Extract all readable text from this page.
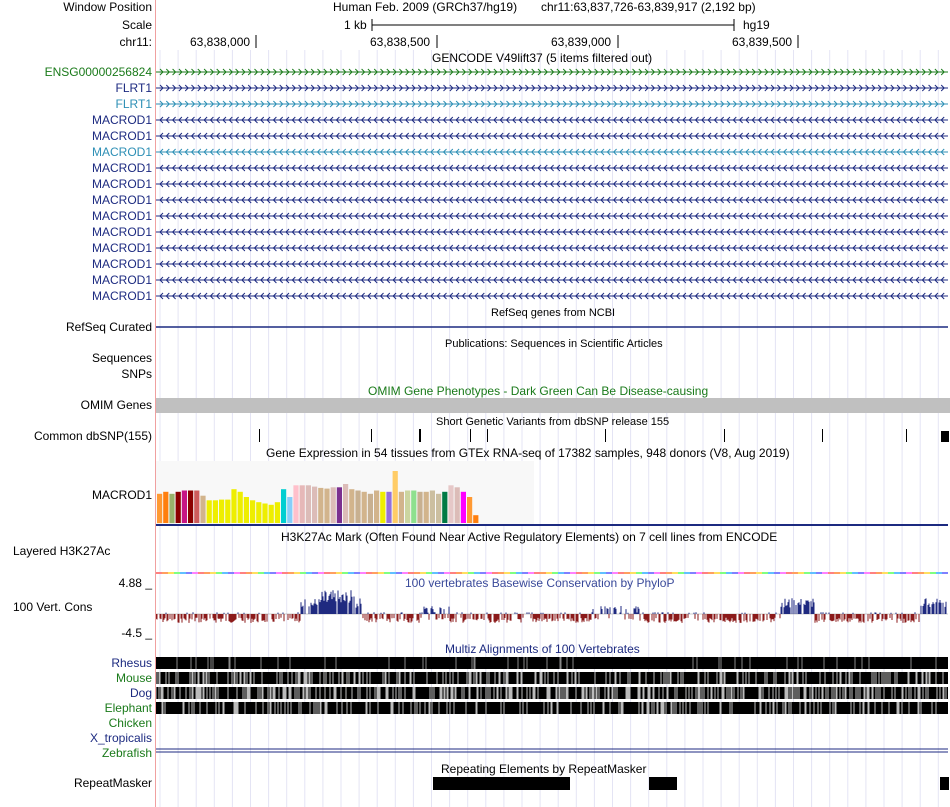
Window Position
Scale
chr11:
ENSG00000256824
FLRT1
FLRT1
MACROD1
MACROD1
MACROD1
MACROD1
MACROD1
MACROD1
MACROD1
MACROD1
MACROD1
MACROD1
MACROD1
MACROD1
RefSeq Curated
Sequences
SNPs
OMIM Genes
Common dbSNP(155)
MACROD1
Layered H3K27Ac
100 Vert. Cons
4.88 _
-4.5 _
Rhesus
Mouse
Dog
Elephant
Chicken
X_tropicalis
Zebrafish
RepeatMasker
Human Feb. 2009 (GRCh37/hg19) chr11:63,837,726-63,839,917 (2,192 bp)
1 kb	hg19
63,838,000	63,838,500	63,839,000	63,839,500
GENCODE V49lift37 (5 items filtered out)
RefSeq genes from NCBI
Publications: Sequences in Scientific Articles
OMIM Gene Phenotypes - Dark Green Can Be Disease-causing
Short Genetic Variants from dbSNP release 155
Gene Expression in 54 tissues from GTEx RNA-seq of 17382 samples, 948 donors (V8, Aug 2019)
H3K27Ac Mark (Often Found Near Active Regulatory Elements) on 7 cell lines from ENCODE
100 vertebrates Basewise Conservation by PhyloP
Multiz Alignments of 100 Vertebrates
Repeating Elements by RepeatMasker
